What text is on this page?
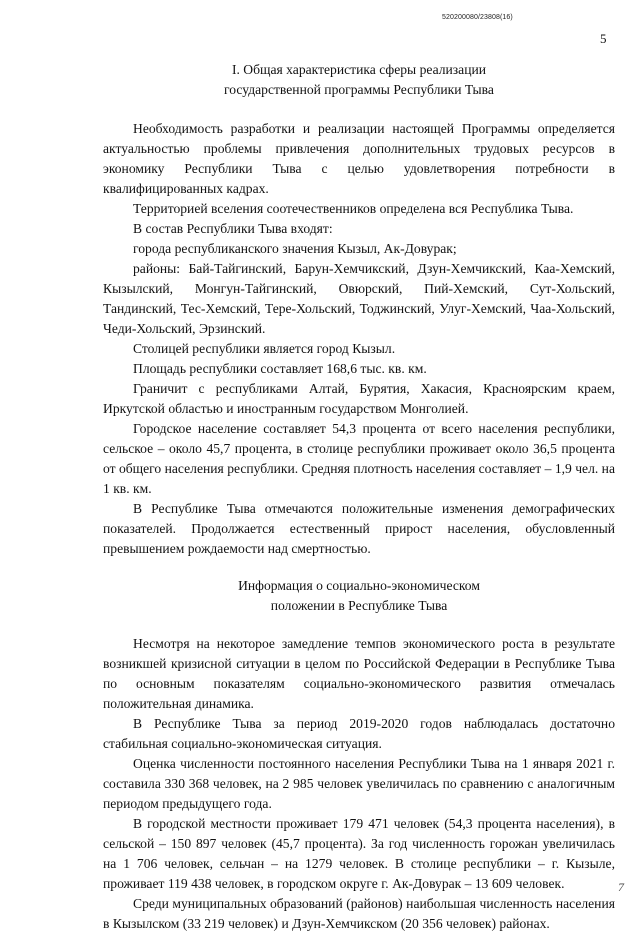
520200080/23808(16)
5
I. Общая характеристика сферы реализации
государственной программы Республики Тыва

Необходимость разработки и реализации настоящей Программы определяется актуальностью проблемы привлечения дополнительных трудовых ресурсов в экономику Республики Тыва с целью удовлетворения потребности в квалифицированных кадрах.

Территорией вселения соотечественников определена вся Республика Тыва.

В состав Республики Тыва входят:

города республиканского значения Кызыл, Ак-Довурак;

районы: Бай-Тайгинский, Барун-Хемчикский, Дзун-Хемчикский, Каа-Хемский, Кызылский, Монгун-Тайгинский, Овюрский, Пий-Хемский, Сут-Хольский, Тандинский, Тес-Хемский, Тере-Хольский, Тоджинский, Улуг-Хемский, Чаа-Хольский, Чеди-Хольский, Эрзинский.

Столицей республики является город Кызыл.

Площадь республики составляет 168,6 тыс. кв. км.

Граничит с республиками Алтай, Бурятия, Хакасия, Красноярским краем, Иркутской областью и иностранным государством Монголией.

Городское население составляет 54,3 процента от всего населения республики, сельское – около 45,7 процента, в столице республики проживает около 36,5 процента от общего населения республики. Средняя плотность населения составляет – 1,9 чел. на 1 кв. км.

В Республике Тыва отмечаются положительные изменения демографических показателей. Продолжается естественный прирост населения, обусловленный превышением рождаемости над смертностью.

Информация о социально-экономическом
положении в Республике Тыва

Несмотря на некоторое замедление темпов экономического роста в результате возникшей кризисной ситуации в целом по Российской Федерации в Республике Тыва по основным показателям социально-экономического развития отмечалась положительная динамика.

В Республике Тыва за период 2019-2020 годов наблюдалась достаточно стабильная социально-экономическая ситуация.

Оценка численности постоянного населения Республики Тыва на 1 января 2021 г. составила 330 368 человек, на 2 985 человек увеличилась по сравнению с аналогичным периодом предыдущего года.

В городской местности проживает 179 471 человек (54,3 процента населения), в сельской – 150 897 человек (45,7 процента). За год численность горожан увеличилась на 1 706 человек, сельчан – на 1279 человек. В столице республики – г. Кызыле, проживает 119 438 человек, в городском округе г. Ак-Довурак – 13 609 человек.

Среди муниципальных образований (районов) наибольшая численность населения в Кызылском (33 219 человек) и Дзун-Хемчикском (20 356 человек) районах.

7
